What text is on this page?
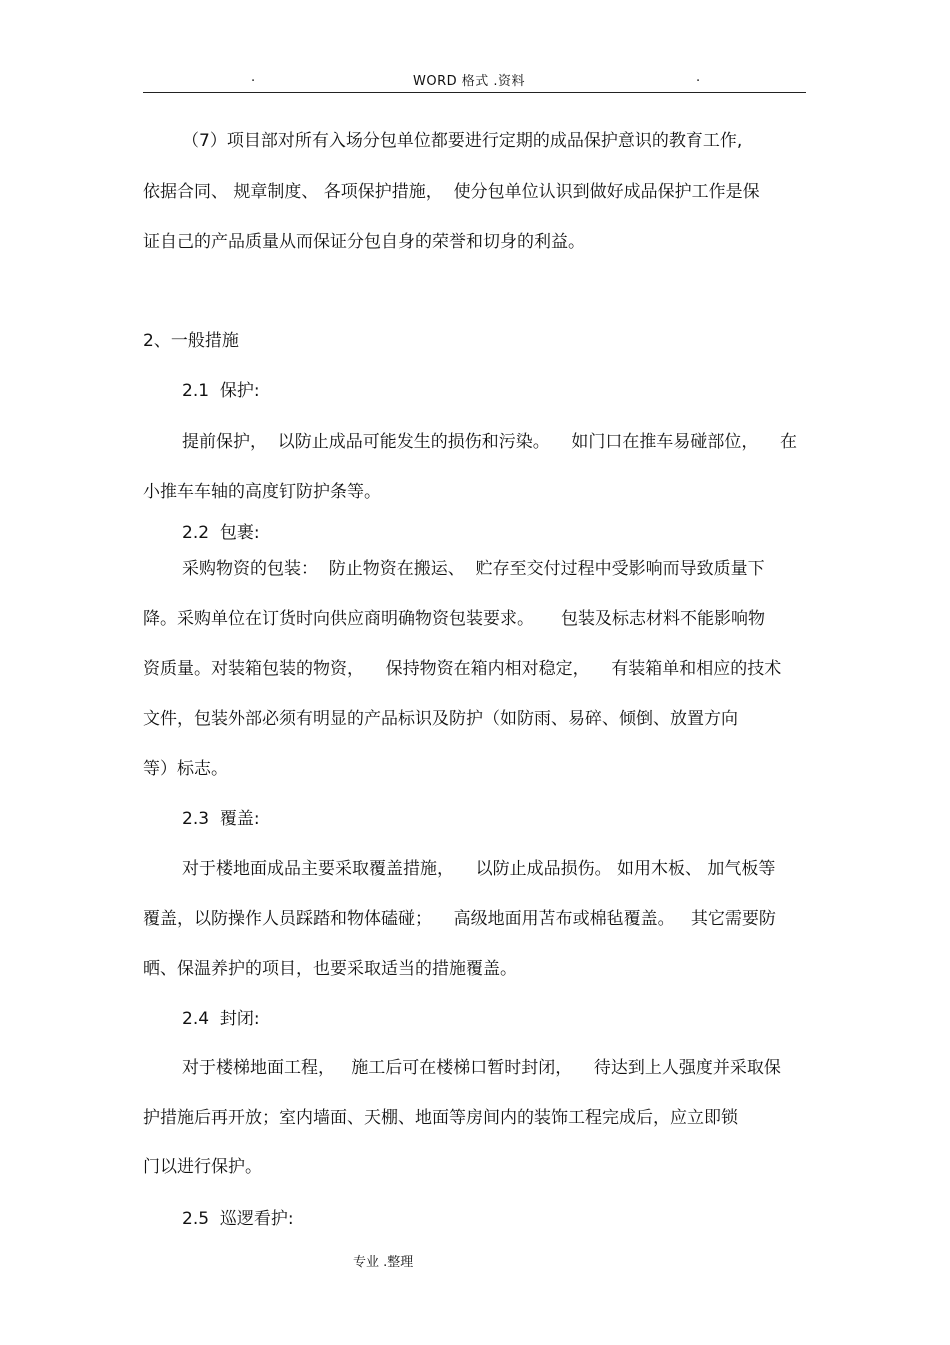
.	WORD 格式 .资料	.
（7）项目部对所有入场分包单位都要进行定期的成品保护意识的教育工作,
依据合同、 规章制度、 各项保护措施，  使分包单位认识到做好成品保护工作是保
证自己的产品质量从而保证分包自身的荣誉和切身的利益。
2、一般措施
2.1  保护:
提前保护，  以防止成品可能发生的损伤和污染。    如门口在推车易碰部位，    在
小推车车轴的高度钉防护条等。
2.2  包裹:
采购物资的包装：  防止物资在搬运、  贮存至交付过程中受影响而导致质量下
降。采购单位在订货时向供应商明确物资包装要求。     包装及标志材料不能影响物
资质量。对装箱包装的物资，    保持物资在箱内相对稳定，    有装箱单和相应的技术
文件，包装外部必须有明显的产品标识及防护（如防雨、易碎、倾倒、放置方向
等）标志。
2.3  覆盖:
对于楼地面成品主要采取覆盖措施，    以防止成品损伤。 如用木板、 加气板等
覆盖，以防操作人员踩踏和物体磕碰；    高级地面用苫布或棉毡覆盖。   其它需要防
晒、保温养护的项目，也要采取适当的措施覆盖。
2.4  封闭:
对于楼梯地面工程，   施工后可在楼梯口暂时封闭，    待达到上人强度并采取保
护措施后再开放；室内墙面、天棚、地面等房间内的装饰工程完成后，应立即锁
门以进行保护。
2.5  巡逻看护:
专业 .整理
